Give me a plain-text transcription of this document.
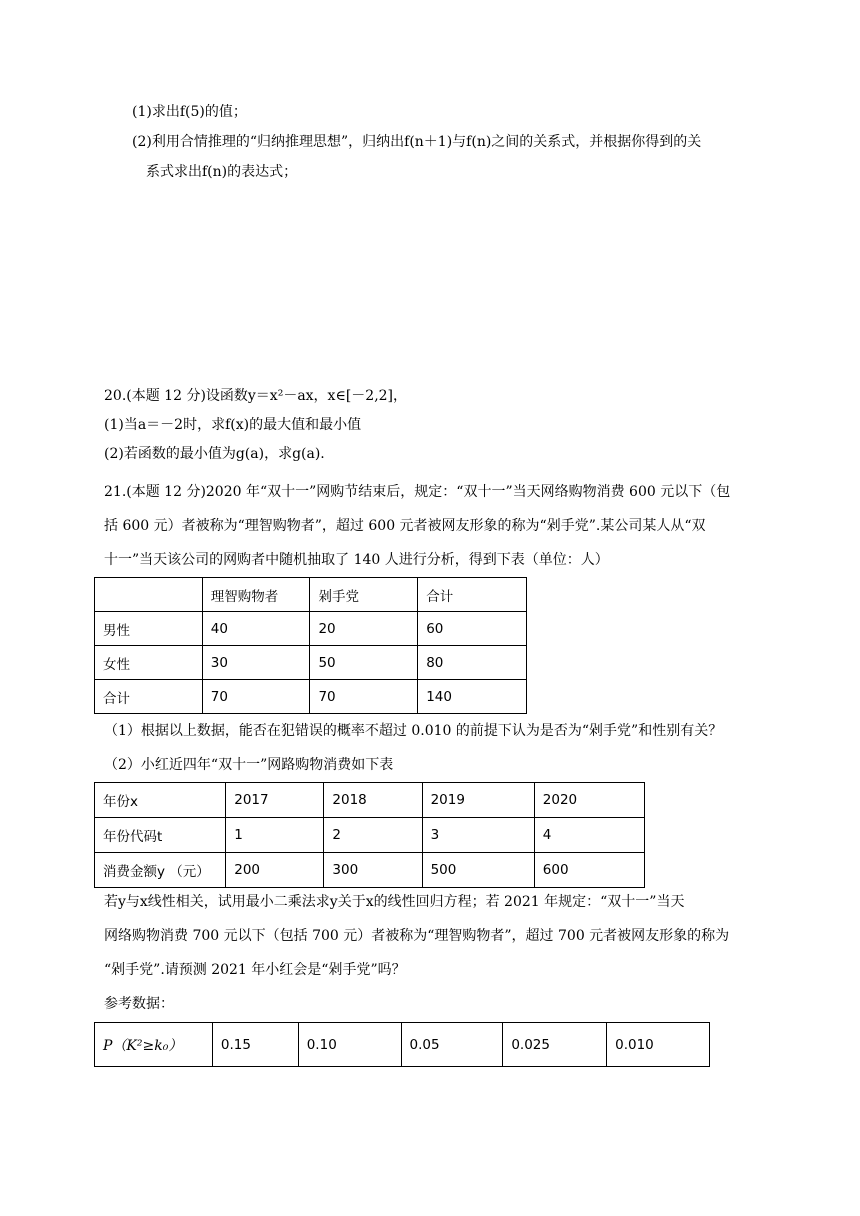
(1)求出f(5)的值；
(2)利用合情推理的“归纳推理思想”，归纳出f(n＋1)与f(n)之间的关系式，并根据你得到的关
系式求出f(n)的表达式；
20.(本题 12 分)设函数y＝x²－ax，x∈[－2,2]，
(1)当a＝－2时，求f(x)的最大值和最小值
(2)若函数的最小值为g(a)，求g(a).
21.(本题 12 分)2020 年“双十一”网购节结束后，规定：“双十一”当天网络购物消费 600 元以下（包
括 600 元）者被称为“理智购物者”，超过 600 元者被网友形象的称为“剁手党”.某公司某人从“双
十一”当天该公司的网购者中随机抽取了 140 人进行分析，得到下表（单位：人）
	理智购物者	剁手党	合计
男性	40	20	60
女性	30	50	80
合计	70	70	140
（1）根据以上数据，能否在犯错误的概率不超过 0.010 的前提下认为是否为“剁手党”和性别有关？
（2）小红近四年“双十一”网路购物消费如下表
年份x	2017	2018	2019	2020
年份代码t	1	2	3	4
消费金额y （元）	200	300	500	600
若y与x线性相关，试用最小二乘法求y关于x的线性回归方程；若 2021 年规定：“双十一”当天
网络购物消费 700 元以下（包括 700 元）者被称为“理智购物者”，超过 700 元者被网友形象的称为
“剁手党”.请预测 2021 年小红会是“剁手党”吗？
参考数据：
P（K²≥k₀）	0.15	0.10	0.05	0.025	0.010
